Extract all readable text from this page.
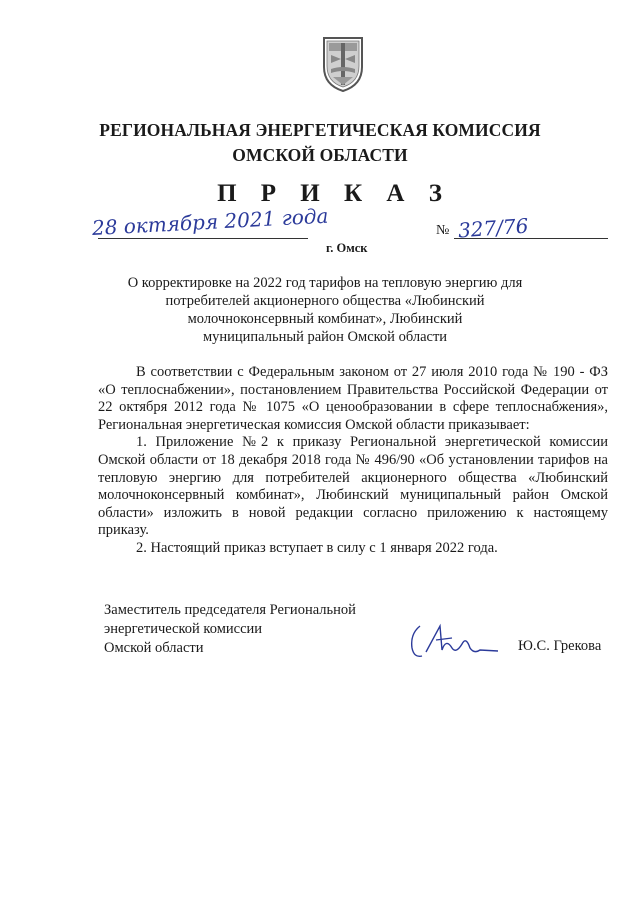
РЕГИОНАЛЬНАЯ ЭНЕРГЕТИЧЕСКАЯ КОМИССИЯ
ОМСКОЙ ОБЛАСТИ
П Р И К А З
28 октября 2021 года	№ 327/76
г. Омск
О корректировке на 2022 год тарифов на тепловую энергию для
потребителей акционерного общества «Любинский
молочноконсервный комбинат», Любинский
муниципальный район Омской области

В соответствии с Федеральным законом от 27 июля 2010 года № 190 - ФЗ «О теплоснабжении», постановлением Правительства Российской Федерации от 22 октября 2012 года № 1075 «О ценообразовании в сфере теплоснабжения», Региональная энергетическая комиссия Омской области приказывает:

1. Приложение №2 к приказу Региональной энергетической комиссии Омской области от 18 декабря 2018 года № 496/90 «Об установлении тарифов на тепловую энергию для потребителей акционерного общества «Любинский молочноконсервный комбинат», Любинский муниципальный район Омской области» изложить в новой редакции согласно приложению к настоящему приказу.

2. Настоящий приказ вступает в силу с 1 января 2022 года.

Заместитель председателя Региональной
энергетической комиссии
Омской области	Ю.С. Грекова
